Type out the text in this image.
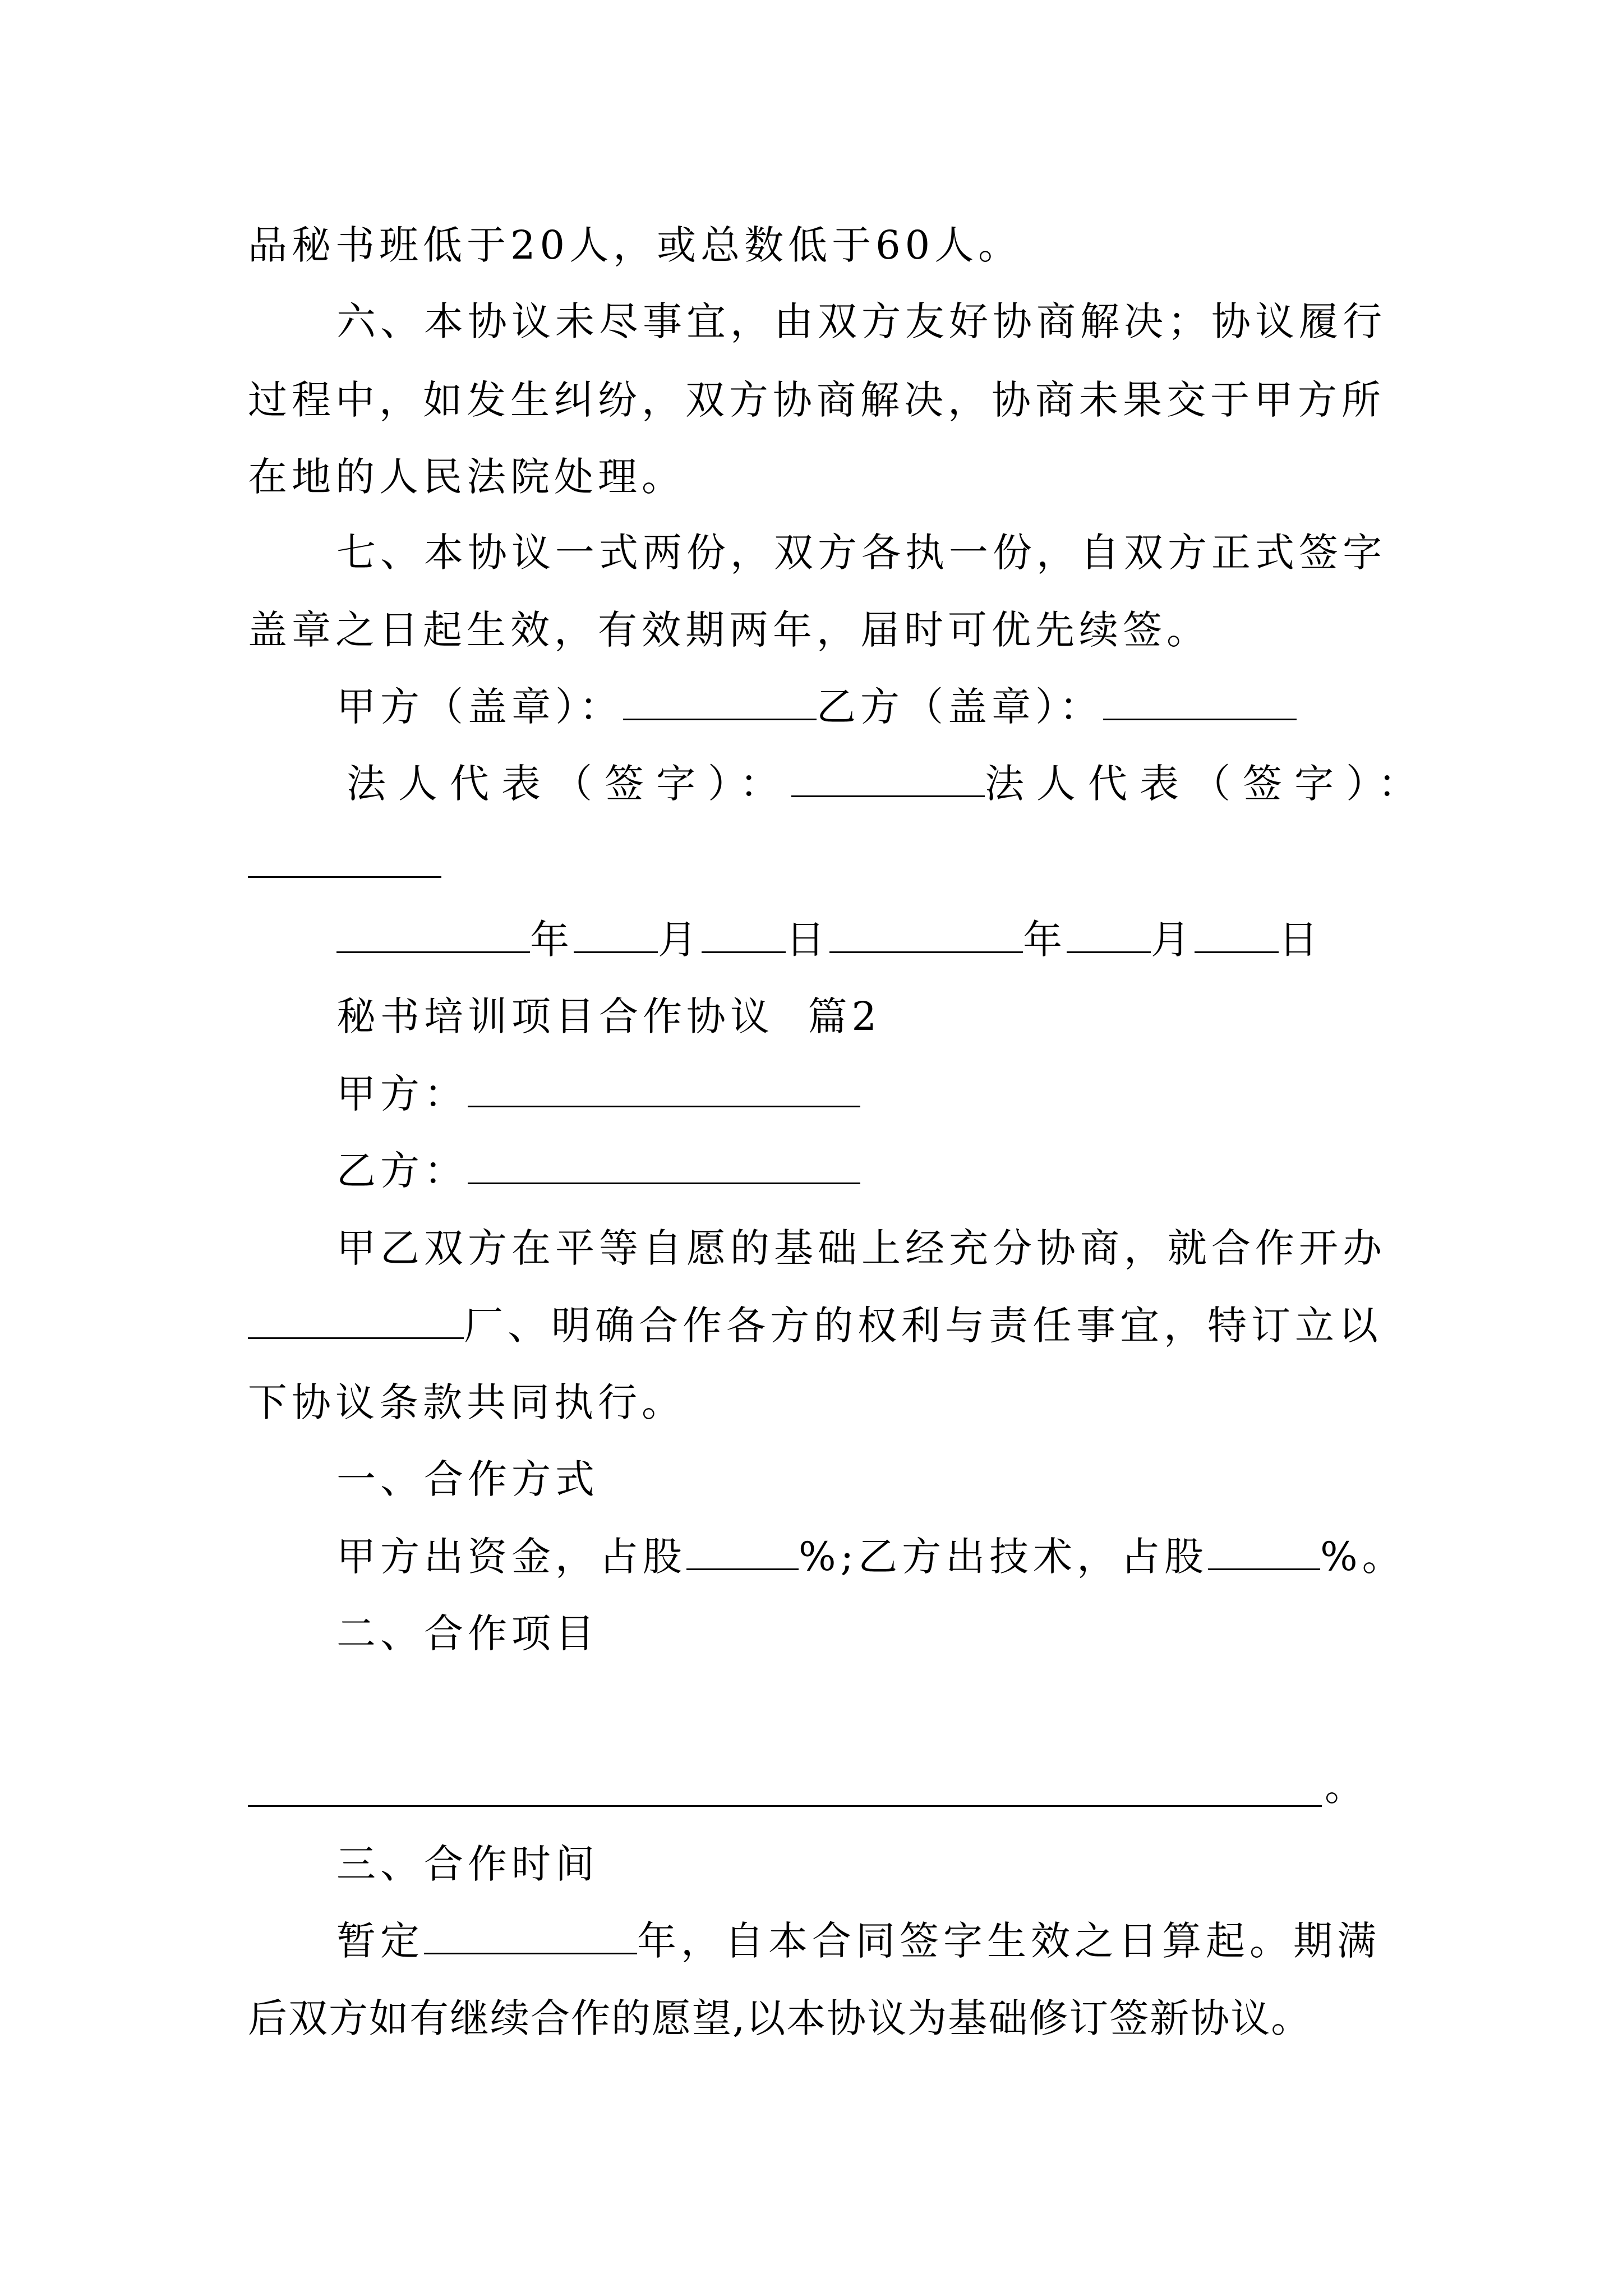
品秘书班低于20人，或总数低于60人。
六、本协议未尽事宜，由双方友好协商解决；协议履行
过程中，如发生纠纷，双方协商解决，协商未果交于甲方所
在地的人民法院处理。
七、本协议一式两份，双方各执一份，自双方正式签字
盖章之日起生效，有效期两年，届时可优先续签。
甲方（盖章）：	乙方（盖章）：
法人代表（签字）：	法人代表（签字）：
年 月 日	年 月 日
秘书培训项目合作协议  篇2
甲方：
乙方：
甲乙双方在平等自愿的基础上经充分协商，就合作开办
厂、明确合作各方的权利与责任事宜，特订立以
下协议条款共同执行。
一、合作方式
甲方出资金，占股	%;乙方出技术，占股	%。
二、合作项目
。
三、合作时间
暂定	年，自本合同签字生效之日算起。期满
后双方如有继续合作的愿望,以本协议为基础修订签新协议。
